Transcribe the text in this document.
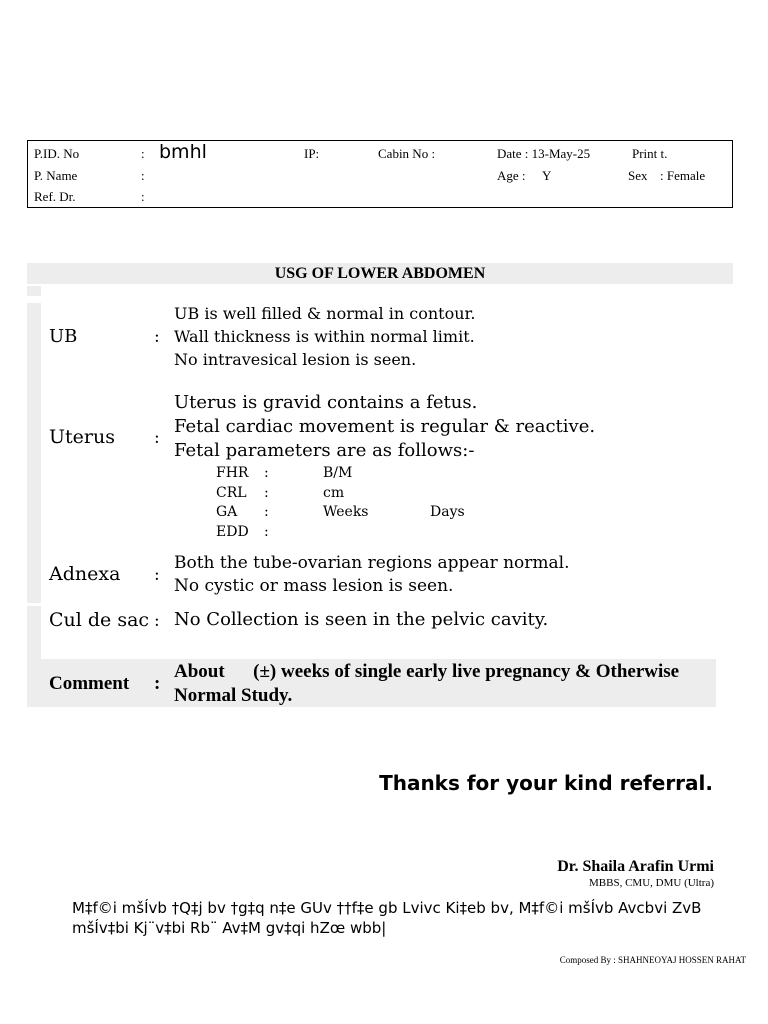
P.ID. No	: bmhl	IP:	Cabin No :	Date : 13-May-25	Print t.
P. Name	:	Age : Y	Sex : Female
Ref. Dr.	:
USG OF LOWER ABDOMEN
UB	:
UB is well filled & normal in contour.
Wall thickness is within normal limit.
No intravesical lesion is seen.
Uterus :
Uterus is gravid contains a fetus.
Fetal cardiac movement is regular & reactive.
Fetal parameters are as follows:-
FHR :	B/M
CRL :	cm
GA :	Weeks	Days
EDD :
Adnexa :
Both the tube-ovarian regions appear normal.
No cystic or mass lesion is seen.
Cul de sac : No Collection is seen in the pelvic cavity.
Comment :
About      (±) weeks of single early live pregnancy & Otherwise
Normal Study.
Thanks for your kind referral.
Dr. Shaila Arafin Urmi
MBBS, CMU, DMU (Ultra)
M‡f©i mšÍvb †Q‡j bv †g‡q n‡e GUv ††f‡e gb Lvivc Ki‡eb bv, M‡f©i mšÍvb Avcbvi ZvB mšÍv‡bi Kj¨v‡bi Rb¨ Av‡M gv‡qi hZœ wbb|
Composed By : SHAHNEOYAJ HOSSEN RAHAT
